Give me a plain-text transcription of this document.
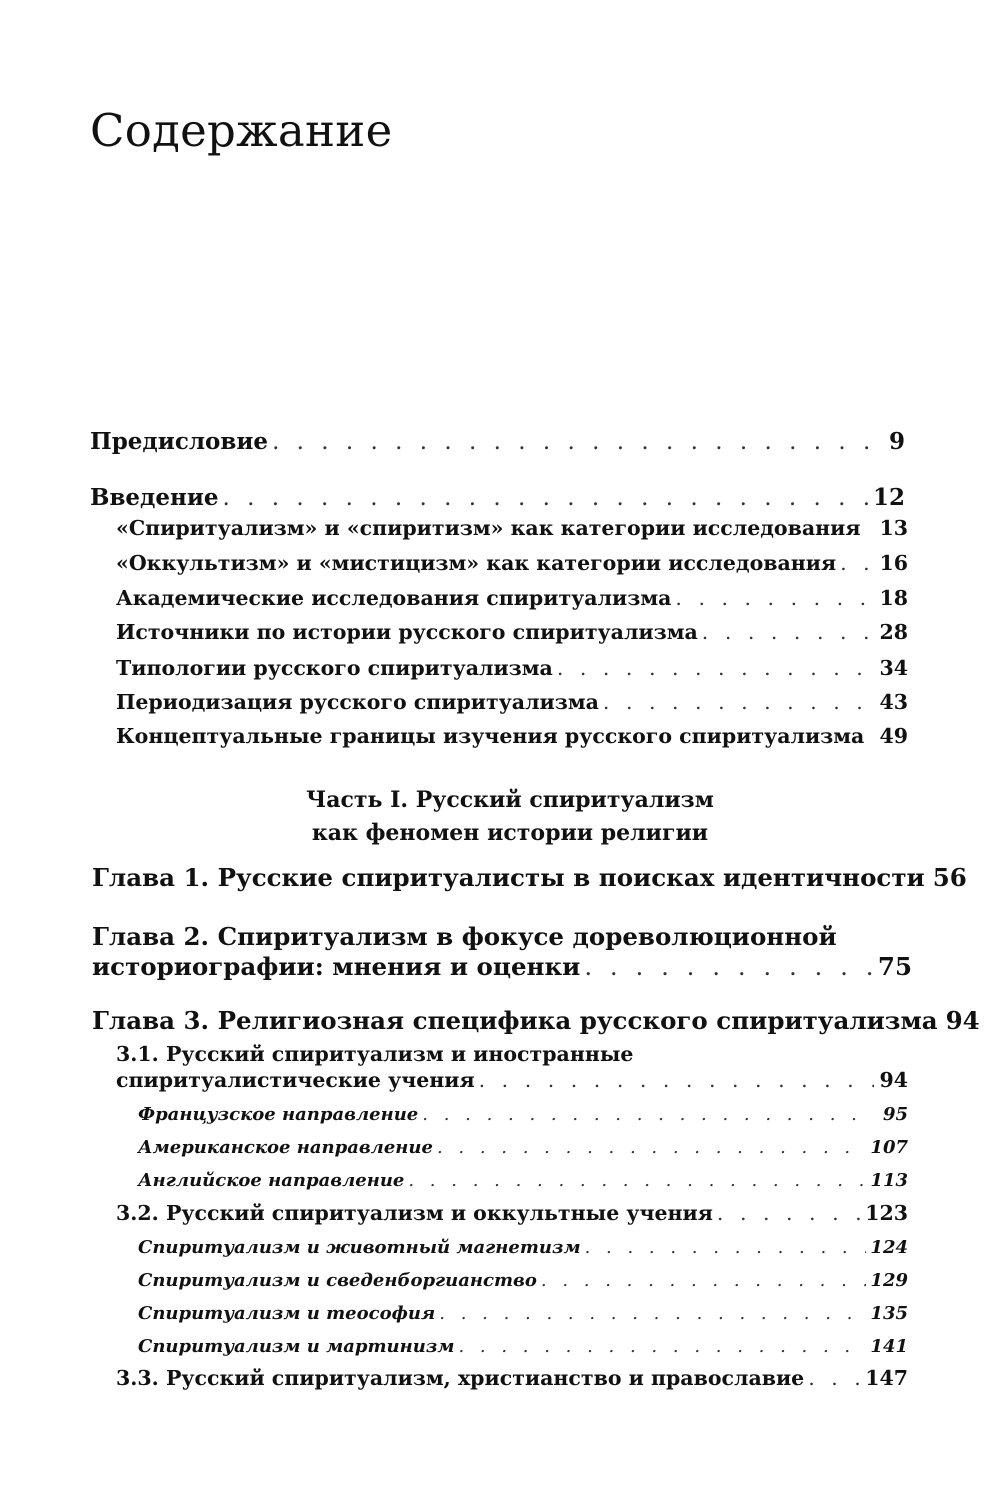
Содержание
Предисловие . . .	9
Введение . . .	12
«Спиритуализм» и «спиритизм» как категории исследования 13
«Оккультизм» и «мистицизм» как категории исследования . . . 16
Академические исследования спиритуализма . . .	18
Источники по истории русского спиритуализма . . .	28
Типологии русского спиритуализма . . .	34
Периодизация русского спиритуализма . . .	43
Концептуальные границы изучения русского спиритуализма 49
Часть I. Русский спиритуализм
как феномен истории религии
Глава 1. Русские спиритуалисты в поисках идентичности 56
Глава 2. Спиритуализм в фокусе дореволюционной
историографии: мнения и оценки . . .	75
Глава 3. Религиозная специфика русского спиритуализма 94
3.1. Русский спиритуализм и иностранные
спиритуалистические учения . . .	94
Французское направление . . .	95
Американское направление . . .	107
Английское направление . . .	113
3.2. Русский спиритуализм и оккультные учения . . .	123
Спиритуализм и животный магнетизм . . .	124
Спиритуализм и сведенборгианство . . .	129
Спиритуализм и теософия . . .	135
Спиритуализм и мартинизм . . .	141
3.3. Русский спиритуализм, христианство и православие . . .	147
